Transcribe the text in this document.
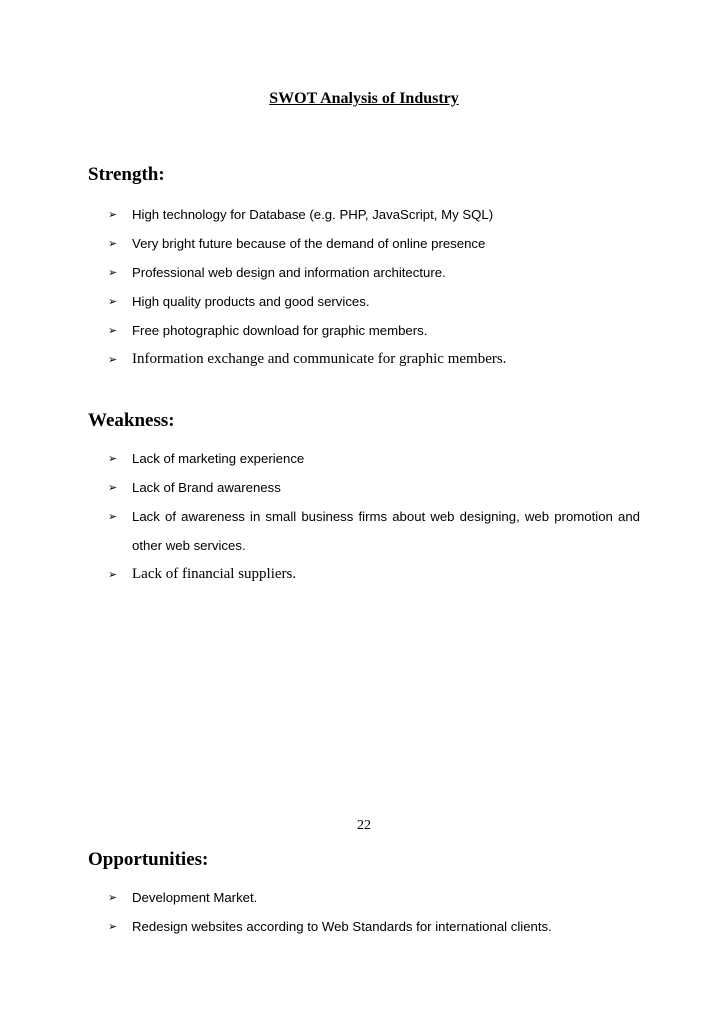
SWOT Analysis of Industry
Strength:
➢	High technology for Database (e.g. PHP, JavaScript, My SQL)
➢	Very bright future because of the demand of online presence
➢	Professional web design and information architecture.
➢	High quality products and good services.
➢	Free photographic download for graphic members.
➢ Information exchange and communicate for graphic members.
Weakness:
➢	Lack of marketing experience
➢	Lack of Brand awareness
➢	Lack of awareness in small business firms about web designing, web promotion and other web services.
➢ Lack of financial suppliers.
22
Opportunities:
➢	Development Market.
➢	Redesign websites according to Web Standards for international clients.
